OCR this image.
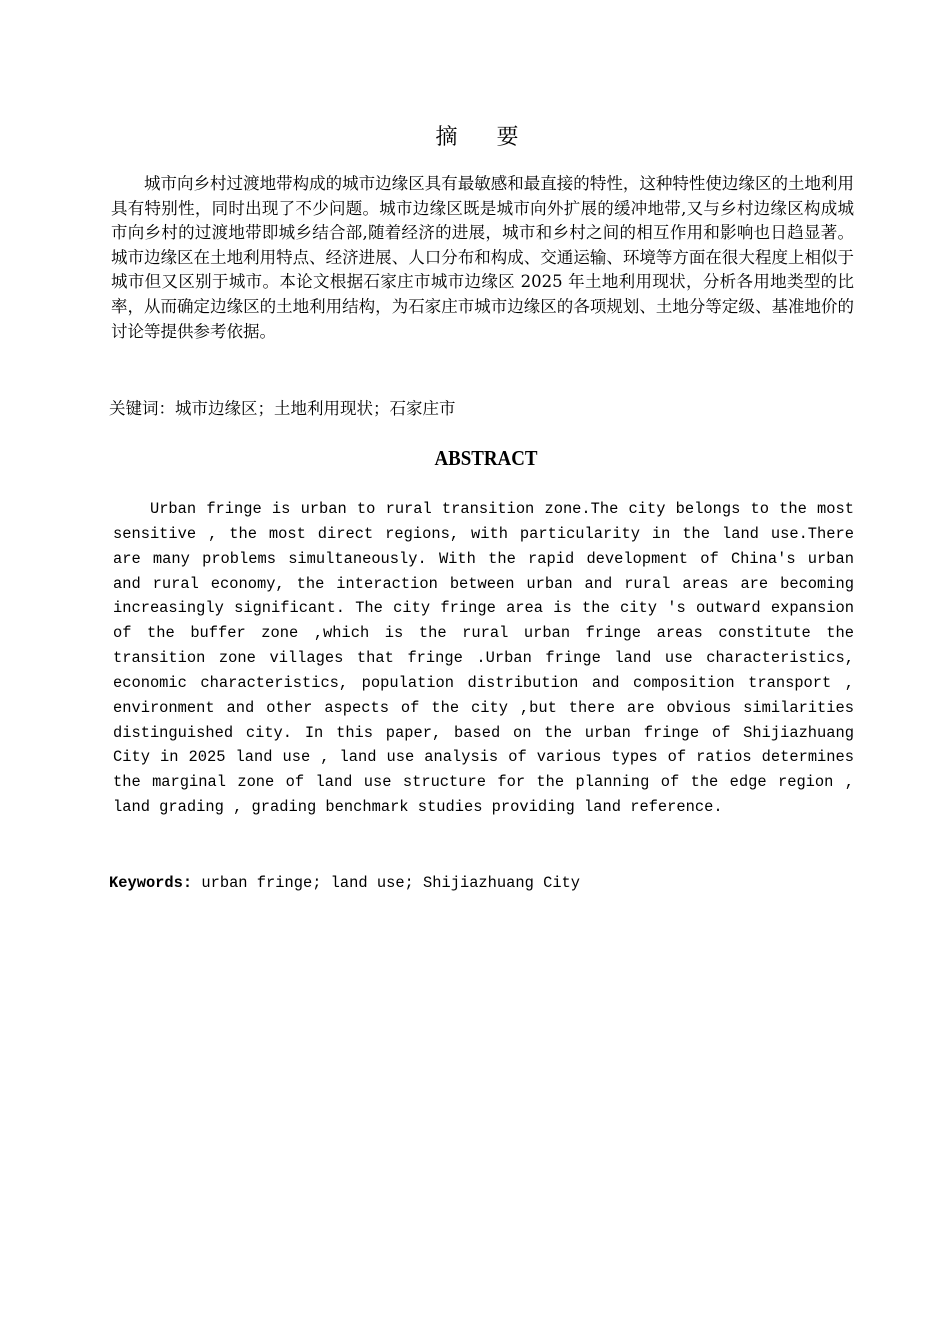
摘 要

城市向乡村过渡地带构成的城市边缘区具有最敏感和最直接的特性，这种特性使边缘区的土地利用具有特别性，同时出现了不少问题。城市边缘区既是城市向外扩展的缓冲地带,又与乡村边缘区构成城市向乡村的过渡地带即城乡结合部,随着经济的进展，城市和乡村之间的相互作用和影响也日趋显著。城市边缘区在土地利用特点、经济进展、人口分布和构成、交通运输、环境等方面在很大程度上相似于城市但又区别于城市。本论文根据石家庄市城市边缘区 2025 年土地利用现状，分析各用地类型的比率，从而确定边缘区的土地利用结构，为石家庄市城市边缘区的各项规划、土地分等定级、基准地价的讨论等提供参考依据。

关键词：城市边缘区；土地利用现状；石家庄市
ABSTRACT

Urban fringe is urban to rural transition zone.The city belongs to the most sensitive , the most direct regions, with particularity in the land use.There are many problems simultaneously. With the rapid development of China's urban and rural economy, the interaction between urban and rural areas are becoming increasingly significant. The city fringe area is the city 's outward expansion of the buffer zone ,which is the rural urban fringe areas constitute the transition zone villages that fringe .Urban fringe land use characteristics, economic characteristics, population distribution and composition transport , environment and other aspects of the city ,but there are obvious similarities distinguished city. In this paper, based on the urban fringe of Shijiazhuang City in 2025 land use , land use analysis of various types of ratios determines the marginal zone of land use structure for the planning of the edge region , land grading , grading benchmark studies providing land reference.

Keywords: urban fringe; land use; Shijiazhuang City
